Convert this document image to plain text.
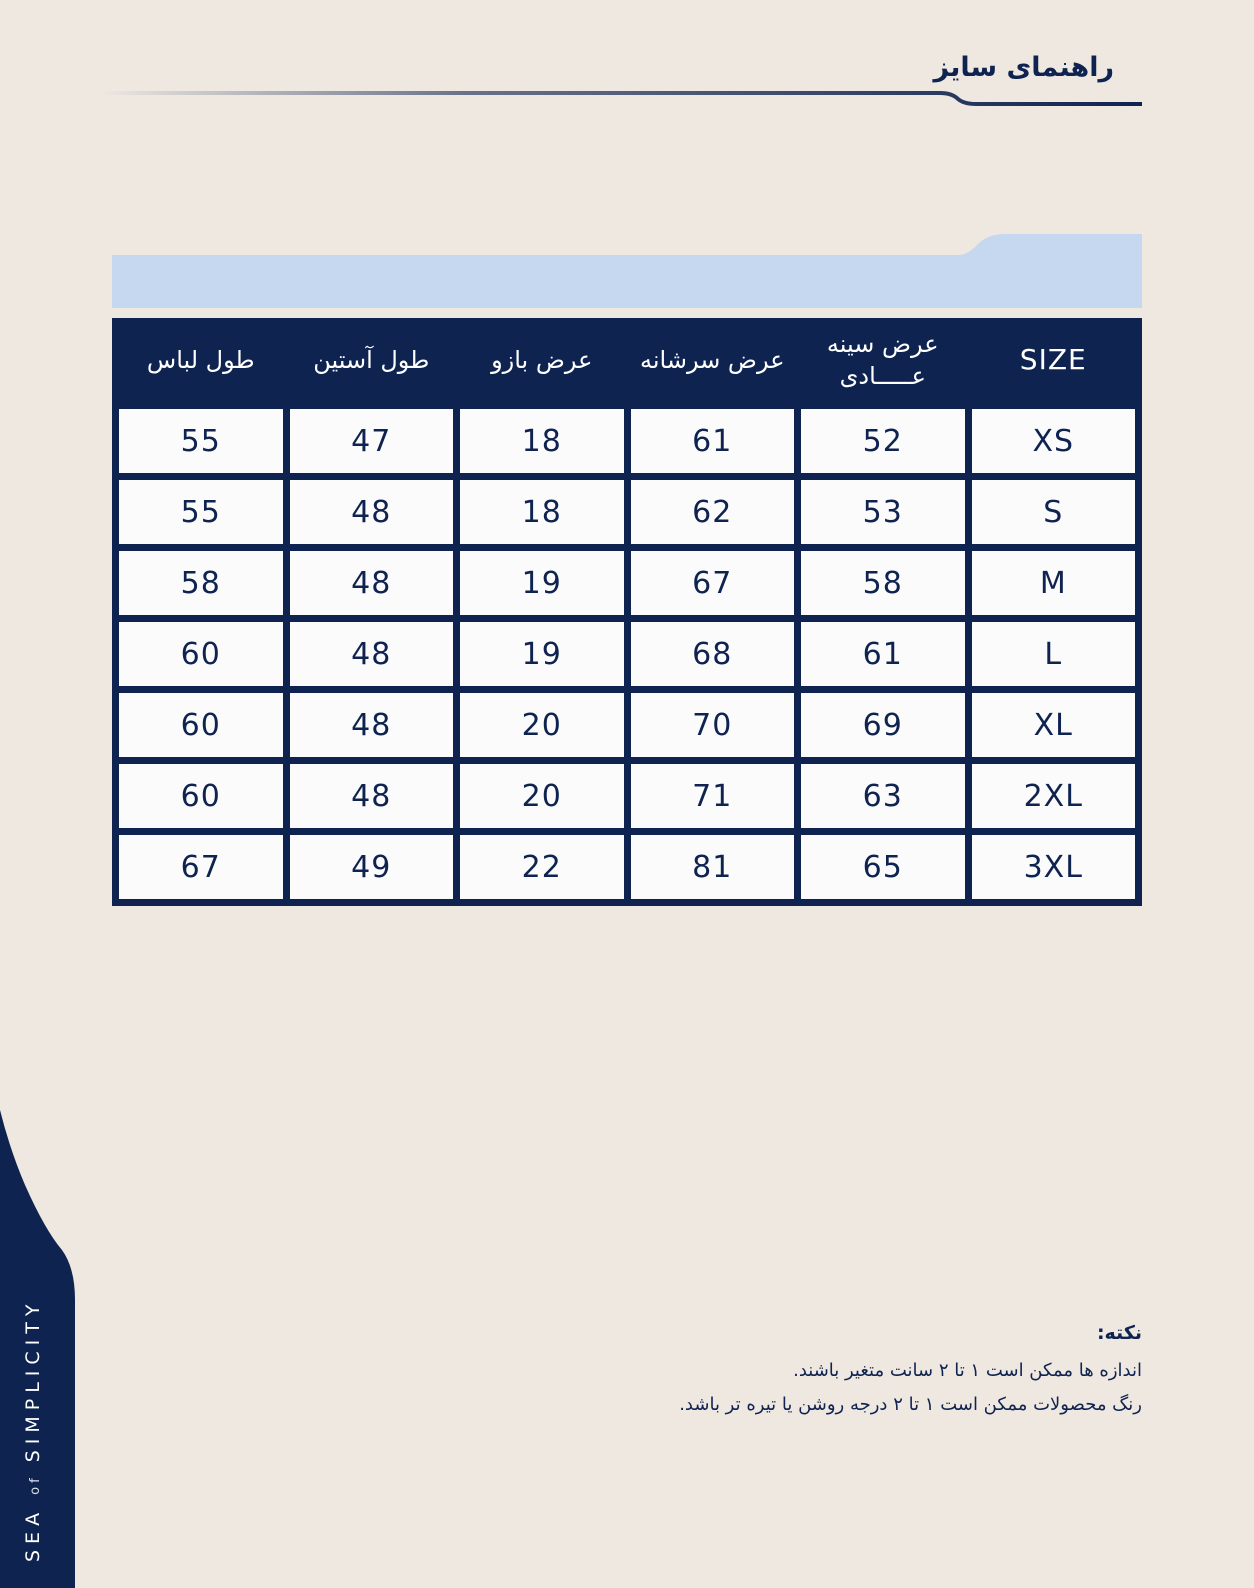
راهنمای سایز
SIZE
عرض سینه
عـــــادی
عرض سرشانه
عرض بازو
طول آستین
طول لباس
XS
52
61
18
47
55
S
53
62
18
48
55
M
58
67
19
48
58
L
61
68
19
48
60
XL
69
70
20
48
60
2XL
63
71
20
48
60
3XL
65
81
22
49
67
نکته:
اندازه ها ممکن است ۱ تا ۲ سانت متغیر باشند.
رنگ محصولات ممکن است ۱ تا ۲ درجه روشن یا تیره تر باشد.
SEA of SIMPLICITY
